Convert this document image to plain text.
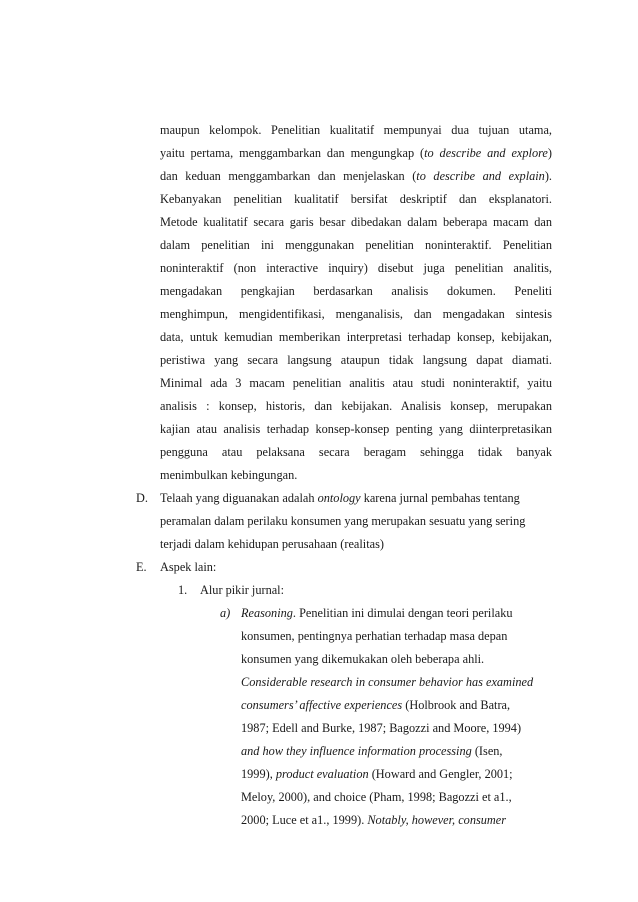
maupun kelompok. Penelitian kualitatif mempunyai dua tujuan utama,
yaitu pertama, menggambarkan dan mengungkap (to describe and explore)
dan keduan menggambarkan dan menjelaskan (to describe and explain).
Kebanyakan penelitian kualitatif bersifat deskriptif dan eksplanatori.
Metode kualitatif secara garis besar dibedakan dalam beberapa macam dan
dalam penelitian ini menggunakan penelitian noninteraktif. Penelitian
noninteraktif (non interactive inquiry) disebut juga penelitian analitis,
mengadakan pengkajian berdasarkan analisis dokumen. Peneliti
menghimpun, mengidentifikasi, menganalisis, dan mengadakan sintesis
data, untuk kemudian memberikan interpretasi terhadap konsep, kebijakan,
peristiwa yang secara langsung ataupun tidak langsung dapat diamati.
Minimal ada 3 macam penelitian analitis atau studi noninteraktif, yaitu
analisis : konsep, historis, dan kebijakan. Analisis konsep, merupakan
kajian atau analisis terhadap konsep-konsep penting yang diinterpretasikan
pengguna atau pelaksana secara beragam sehingga tidak banyak
menimbulkan kebingungan.
D. Telaah yang diguanakan adalah ontology karena jurnal pembahas tentang
peramalan dalam perilaku konsumen yang merupakan sesuatu yang sering
terjadi dalam kehidupan perusahaan (realitas)
E. Aspek lain:
1. Alur pikir jurnal:
a) Reasoning. Penelitian ini dimulai dengan teori perilaku
konsumen, pentingnya perhatian terhadap masa depan
konsumen yang dikemukakan oleh beberapa ahli.
Considerable research in consumer behavior has examined
consumers’ affective experiences (Holbrook and Batra,
1987; Edell and Burke, 1987; Bagozzi and Moore, 1994)
and how they influence information processing (Isen,
1999), product evaluation (Howard and Gengler, 2001;
Meloy, 2000), and choice (Pham, 1998; Bagozzi et a1.,
2000; Luce et a1., 1999). Notably, however, consumer
